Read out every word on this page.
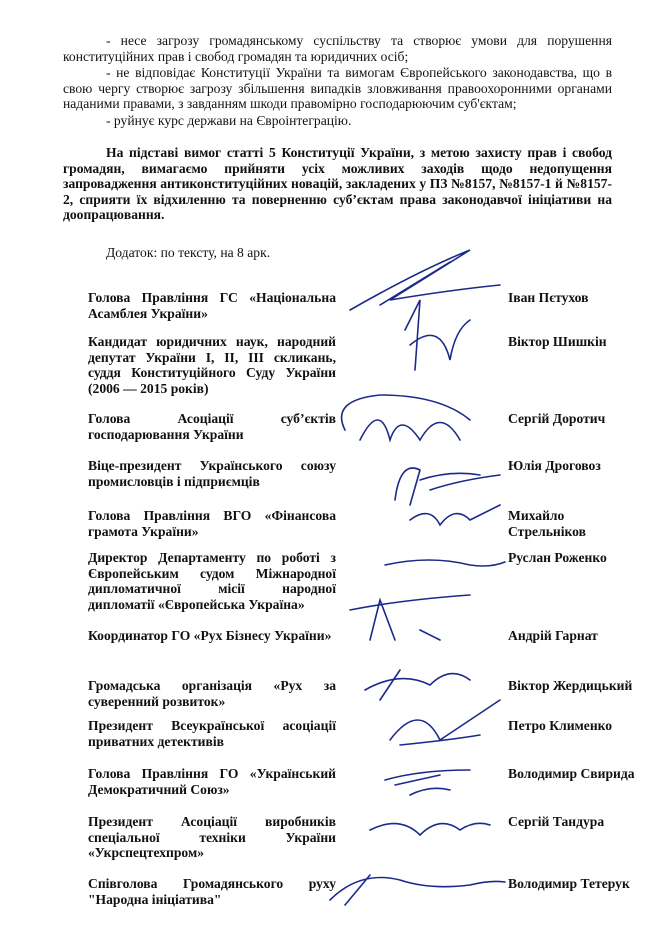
- несе загрозу громадянському суспільству та створює умови для порушення конституційних прав і свобод громадян та юридичних осіб;
- не відповідає Конституції України та вимогам Європейського законодавства, що в свою чергу створює загрозу збільшення випадків зловживання правоохоронними органами наданими правами, з завданням шкоди правомірно господарюючим суб'єктам;
- руйнує курс держави на Євроінтеграцію.
На підставі вимог статті 5 Конституції України, з метою захисту прав і свобод громадян, вимагаємо прийняти усіх можливих заходів щодо недопущення запровадження антиконституційних новацій, закладених у ПЗ №8157, №8157-1 й №8157-2, сприяти їх відхиленню та поверненню суб’єктам права законодавчої ініціативи на доопрацювання.
Додаток: по тексту, на 8 арк.
Голова Правління ГС «Національна Асамблея України»
Іван Пєтухов
Кандидат юридичних наук, народний депутат України I, II, III скликань, суддя Конституційного Суду України (2006 — 2015 років)
Віктор Шишкін
Голова Асоціації суб’єктів господарювання України
Сергій Доротич
Віце-президент Українського союзу промисловців і підприємців
Юлія Дроговоз
Голова Правління ВГО «Фінансова грамота України»
Михайло Стрельніков
Директор Департаменту по роботі з Європейським судом Міжнародної дипломатичної місії народної дипломатії «Європейська Україна»
Руслан Роженко
Координатор ГО «Рух Бізнесу України»	Андрій Гарнат
Громадська організація «Рух за суверенний розвиток»
Віктор Жердицький
Президент Всеукраїнської асоціації приватних детективів
Петро Клименко
Голова Правління ГО «Український Демократичний Союз»
Володимир Свирида
Президент Асоціації виробників спеціальної техніки України «Укрспецтехпром»
Сергій Тандура
Співголова Громадянського руху "Народна ініціатива"
Володимир Тетерук
